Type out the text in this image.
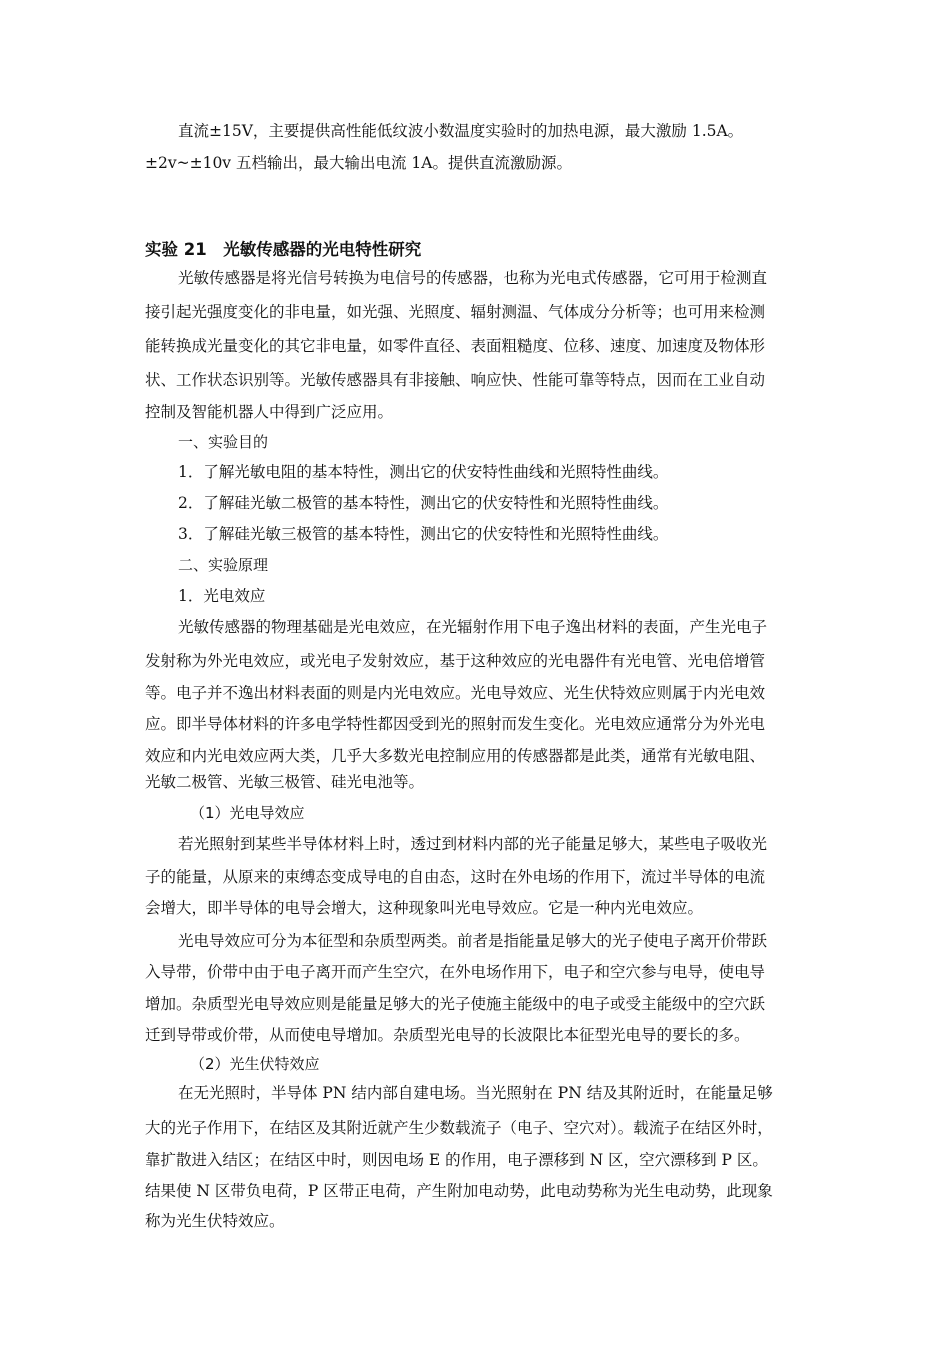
直流±15V，主要提供高性能低纹波小数温度实验时的加热电源，最大激励 1.5A。
±2v~±10v 五档输出，最大输出电流 1A。提供直流激励源。
实验 21　光敏传感器的光电特性研究
光敏传感器是将光信号转换为电信号的传感器，也称为光电式传感器，它可用于检测直
接引起光强度变化的非电量，如光强、光照度、辐射测温、气体成分分析等；也可用来检测
能转换成光量变化的其它非电量，如零件直径、表面粗糙度、位移、速度、加速度及物体形
状、工作状态识别等。光敏传感器具有非接触、响应快、性能可靠等特点，因而在工业自动
控制及智能机器人中得到广泛应用。
一、实验目的
1．了解光敏电阻的基本特性，测出它的伏安特性曲线和光照特性曲线。
2．了解硅光敏二极管的基本特性，测出它的伏安特性和光照特性曲线。
3．了解硅光敏三极管的基本特性，测出它的伏安特性和光照特性曲线。
二、实验原理
1．光电效应
光敏传感器的物理基础是光电效应，在光辐射作用下电子逸出材料的表面，产生光电子
发射称为外光电效应，或光电子发射效应，基于这种效应的光电器件有光电管、光电倍增管
等。电子并不逸出材料表面的则是内光电效应。光电导效应、光生伏特效应则属于内光电效
应。即半导体材料的许多电学特性都因受到光的照射而发生变化。光电效应通常分为外光电
效应和内光电效应两大类，几乎大多数光电控制应用的传感器都是此类，通常有光敏电阻、
光敏二极管、光敏三极管、硅光电池等。
（1）光电导效应
若光照射到某些半导体材料上时，透过到材料内部的光子能量足够大，某些电子吸收光
子的能量，从原来的束缚态变成导电的自由态，这时在外电场的作用下，流过半导体的电流
会增大，即半导体的电导会增大，这种现象叫光电导效应。它是一种内光电效应。
光电导效应可分为本征型和杂质型两类。前者是指能量足够大的光子使电子离开价带跃
入导带，价带中由于电子离开而产生空穴，在外电场作用下，电子和空穴参与电导，使电导
增加。杂质型光电导效应则是能量足够大的光子使施主能级中的电子或受主能级中的空穴跃
迁到导带或价带，从而使电导增加。杂质型光电导的长波限比本征型光电导的要长的多。
（2）光生伏特效应
在无光照时，半导体 PN 结内部自建电场。当光照射在 PN 结及其附近时，在能量足够
大的光子作用下，在结区及其附近就产生少数载流子（电子、空穴对）。载流子在结区外时，
靠扩散进入结区；在结区中时，则因电场 E 的作用，电子漂移到 N 区，空穴漂移到 P 区。
结果使 N 区带负电荷，P 区带正电荷，产生附加电动势，此电动势称为光生电动势，此现象
称为光生伏特效应。
